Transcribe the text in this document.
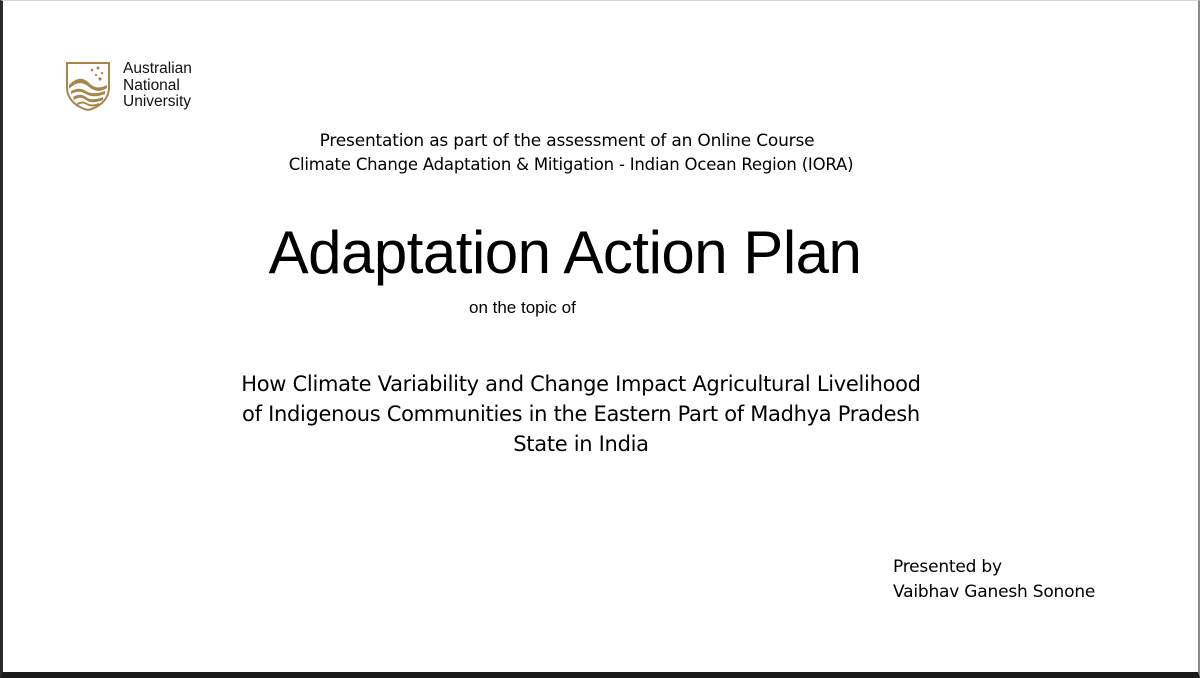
Australian
National
University
Presentation as part of the assessment of an Online Course
Climate Change Adaptation & Mitigation - Indian Ocean Region (IORA)
Adaptation Action Plan
on the topic of
How Climate Variability and Change Impact Agricultural Livelihood
of Indigenous Communities in the Eastern Part of Madhya Pradesh
State in India
Presented by
Vaibhav Ganesh Sonone
